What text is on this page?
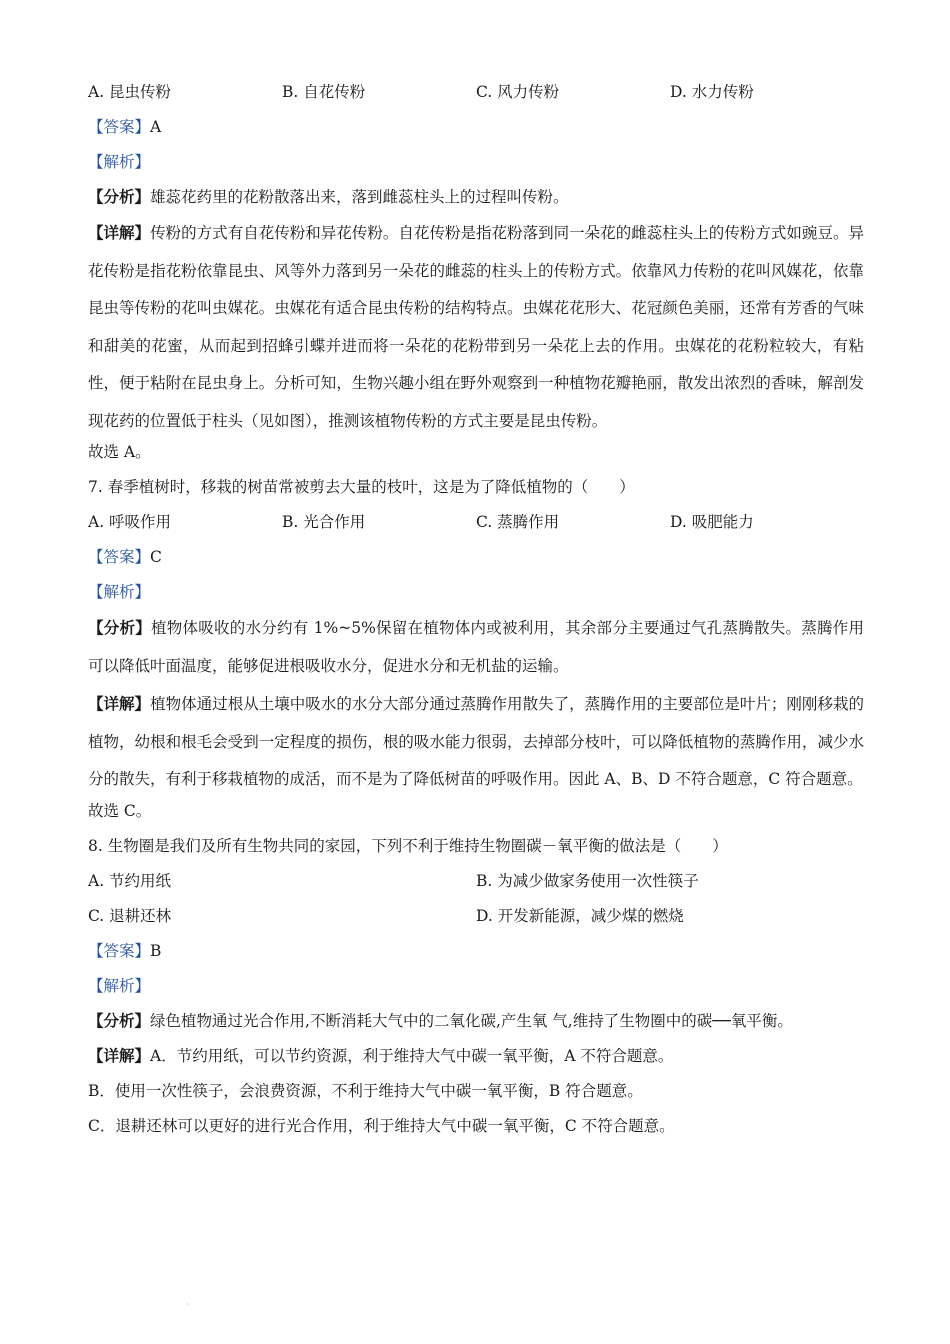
A. 昆虫传粉	B. 自花传粉	C. 风力传粉	D. 水力传粉
【答案】A
【解析】
【分析】雄蕊花药里的花粉散落出来，落到雌蕊柱头上的过程叫传粉。
【详解】传粉的方式有自花传粉和异花传粉。自花传粉是指花粉落到同一朵花的雌蕊柱头上的传粉方式如豌豆。异花传粉是指花粉依靠昆虫、风等外力落到另一朵花的雌蕊的柱头上的传粉方式。依靠风力传粉的花叫风媒花，依靠昆虫等传粉的花叫虫媒花。虫媒花有适合昆虫传粉的结构特点。虫媒花花形大、花冠颜色美丽，还常有芳香的气味和甜美的花蜜，从而起到招蜂引蝶并进而将一朵花的花粉带到另一朵花上去的作用。虫媒花的花粉粒较大，有粘性，便于粘附在昆虫身上。分析可知，生物兴趣小组在野外观察到一种植物花瓣艳丽，散发出浓烈的香味，解剖发现花药的位置低于柱头（见如图），推测该植物传粉的方式主要是昆虫传粉。
故选 A。
7. 春季植树时，移栽的树苗常被剪去大量的枝叶，这是为了降低植物的（　　）
A. 呼吸作用	B. 光合作用	C. 蒸腾作用	D. 吸肥能力
【答案】C
【解析】
【分析】植物体吸收的水分约有 1%~5%保留在植物体内或被利用，其余部分主要通过气孔蒸腾散失。蒸腾作用可以降低叶面温度，能够促进根吸收水分，促进水分和无机盐的运输。
【详解】植物体通过根从土壤中吸水的水分大部分通过蒸腾作用散失了，蒸腾作用的主要部位是叶片；刚刚移栽的植物，幼根和根毛会受到一定程度的损伤，根的吸水能力很弱，去掉部分枝叶，可以降低植物的蒸腾作用，减少水分的散失，有利于移栽植物的成活，而不是为了降低树苗的呼吸作用。因此 A、B、D 不符合题意，C 符合题意。
故选 C。
8. 生物圈是我们及所有生物共同的家园，下列不利于维持生物圈碳－氧平衡的做法是（　　）
A. 节约用纸	B. 为减少做家务使用一次性筷子
C. 退耕还林	D. 开发新能源，减少煤的燃烧
【答案】B
【解析】
【分析】绿色植物通过光合作用,不断消耗大气中的二氧化碳,产生氧 气,维持了生物圈中的碳──氧平衡。
【详解】A．节约用纸，可以节约资源，利于维持大气中碳一氧平衡，A 不符合题意。
B．使用一次性筷子，会浪费资源，不利于维持大气中碳一氧平衡，B 符合题意。
C．退耕还林可以更好的进行光合作用，利于维持大气中碳一氧平衡，C 不符合题意。
·
